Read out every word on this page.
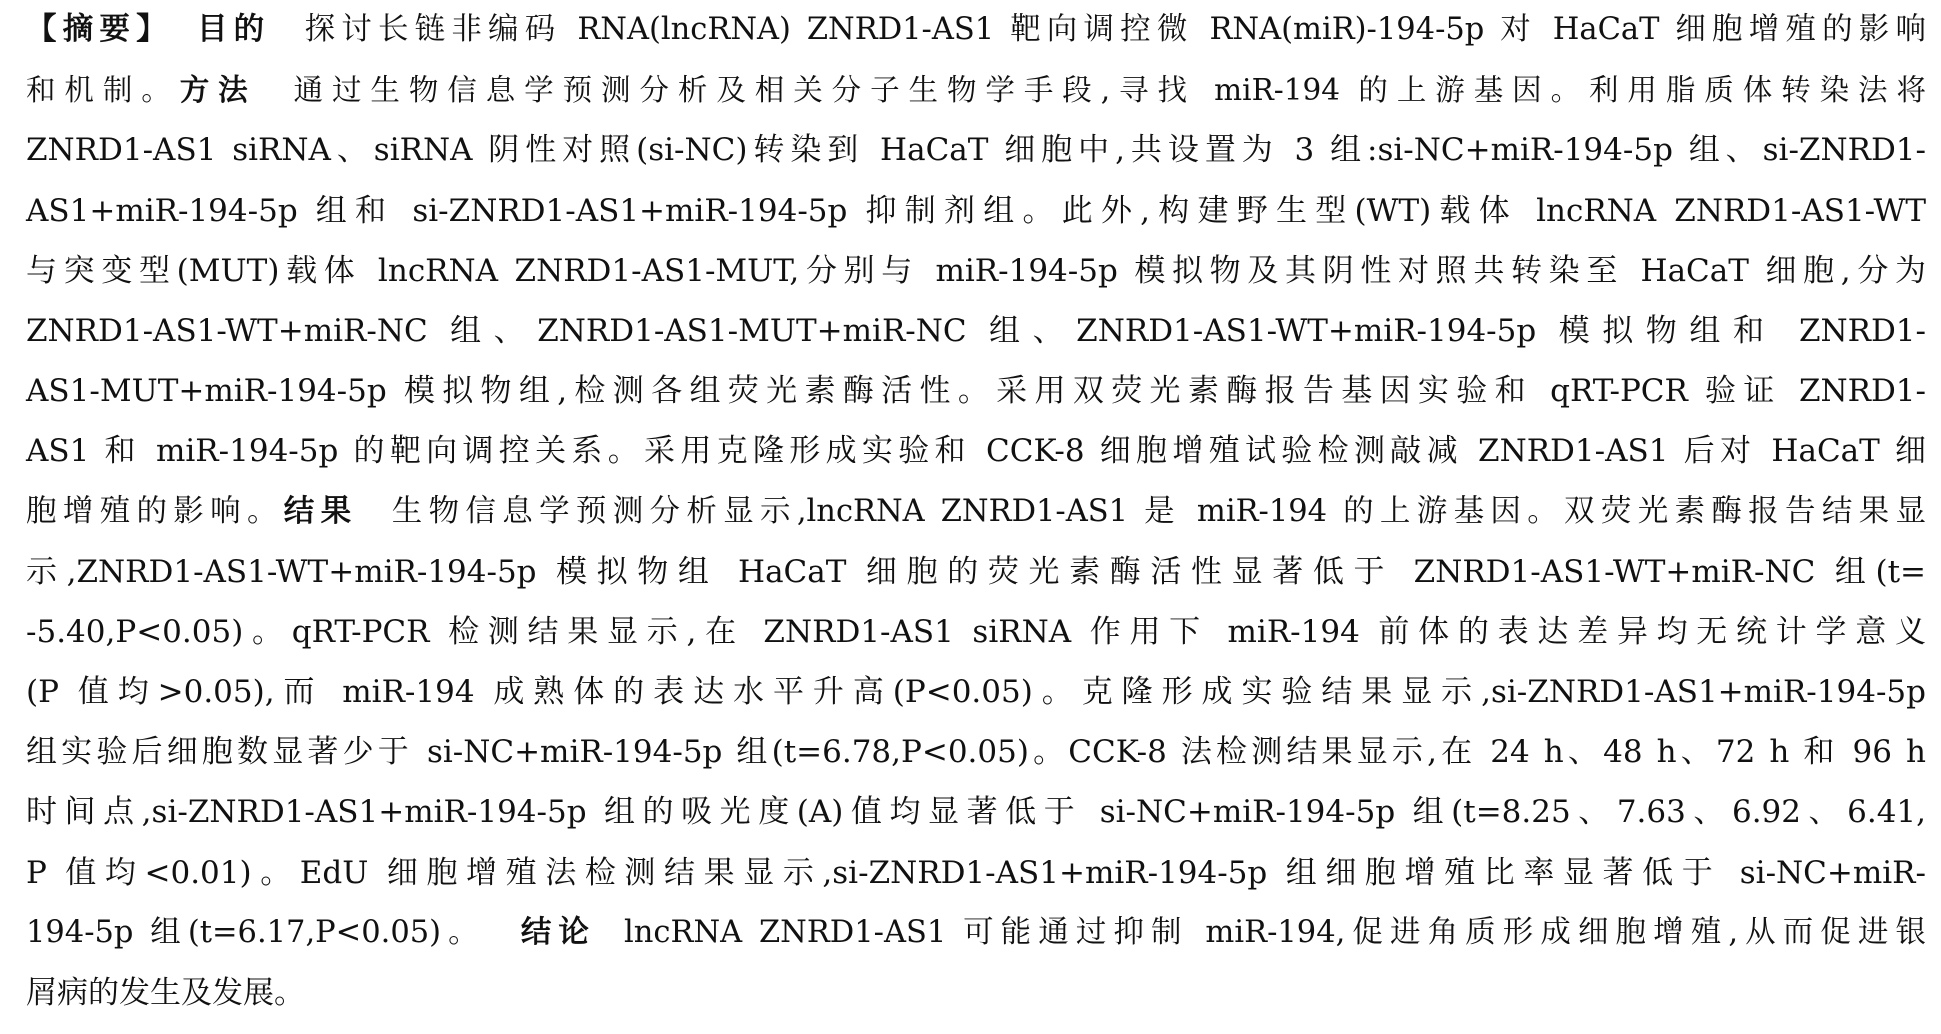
【摘要】 目的 探讨长链非编码 RNA(lncRNA) ZNRD1-AS1 靶向调控微 RNA(miR)-194-5p 对 HaCaT 细胞增殖的影响
和机制。方法 通过生物信息学预测分析及相关分子生物学手段,寻找 miR-194 的上游基因。利用脂质体转染法将
ZNRD1-AS1 siRNA、siRNA 阴性对照(si-NC)转染到 HaCaT 细胞中,共设置为 3 组:si-NC+miR-194-5p 组、si-ZNRD1-
AS1+miR-194-5p 组和 si-ZNRD1-AS1+miR-194-5p 抑制剂组。此外,构建野生型(WT)载体 lncRNA ZNRD1-AS1-WT
与突变型(MUT)载体 lncRNA ZNRD1-AS1-MUT,分别与 miR-194-5p 模拟物及其阴性对照共转染至 HaCaT 细胞,分为
ZNRD1-AS1-WT+miR-NC 组、ZNRD1-AS1-MUT+miR-NC 组、ZNRD1-AS1-WT+miR-194-5p 模拟物组和 ZNRD1-
AS1-MUT+miR-194-5p 模拟物组,检测各组荧光素酶活性。采用双荧光素酶报告基因实验和 qRT-PCR 验证 ZNRD1-
AS1 和 miR-194-5p 的靶向调控关系。采用克隆形成实验和 CCK-8 细胞增殖试验检测敲减 ZNRD1-AS1 后对 HaCaT 细
胞增殖的影响。结果 生物信息学预测分析显示,lncRNA ZNRD1-AS1 是 miR-194 的上游基因。双荧光素酶报告结果显
示,ZNRD1-AS1-WT+miR-194-5p 模拟物组 HaCaT 细胞的荧光素酶活性显著低于 ZNRD1-AS1-WT+miR-NC 组(t=
-5.40,P<0.05)。qRT-PCR 检测结果显示,在 ZNRD1-AS1 siRNA 作用下 miR-194 前体的表达差异均无统计学意义
(P 值均>0.05),而 miR-194 成熟体的表达水平升高(P<0.05)。克隆形成实验结果显示,si-ZNRD1-AS1+miR-194-5p
组实验后细胞数显著少于 si-NC+miR-194-5p 组(t=6.78,P<0.05)。CCK-8 法检测结果显示,在 24 h、48 h、72 h 和 96 h
时间点,si-ZNRD1-AS1+miR-194-5p 组的吸光度(A)值均显著低于 si-NC+miR-194-5p 组(t=8.25、7.63、6.92、6.41,
P 值均<0.01)。EdU 细胞增殖法检测结果显示,si-ZNRD1-AS1+miR-194-5p 组细胞增殖比率显著低于 si-NC+miR-
194-5p 组(t=6.17,P<0.05)。 结论 lncRNA ZNRD1-AS1 可能通过抑制 miR-194,促进角质形成细胞增殖,从而促进银
屑病的发生及发展。
